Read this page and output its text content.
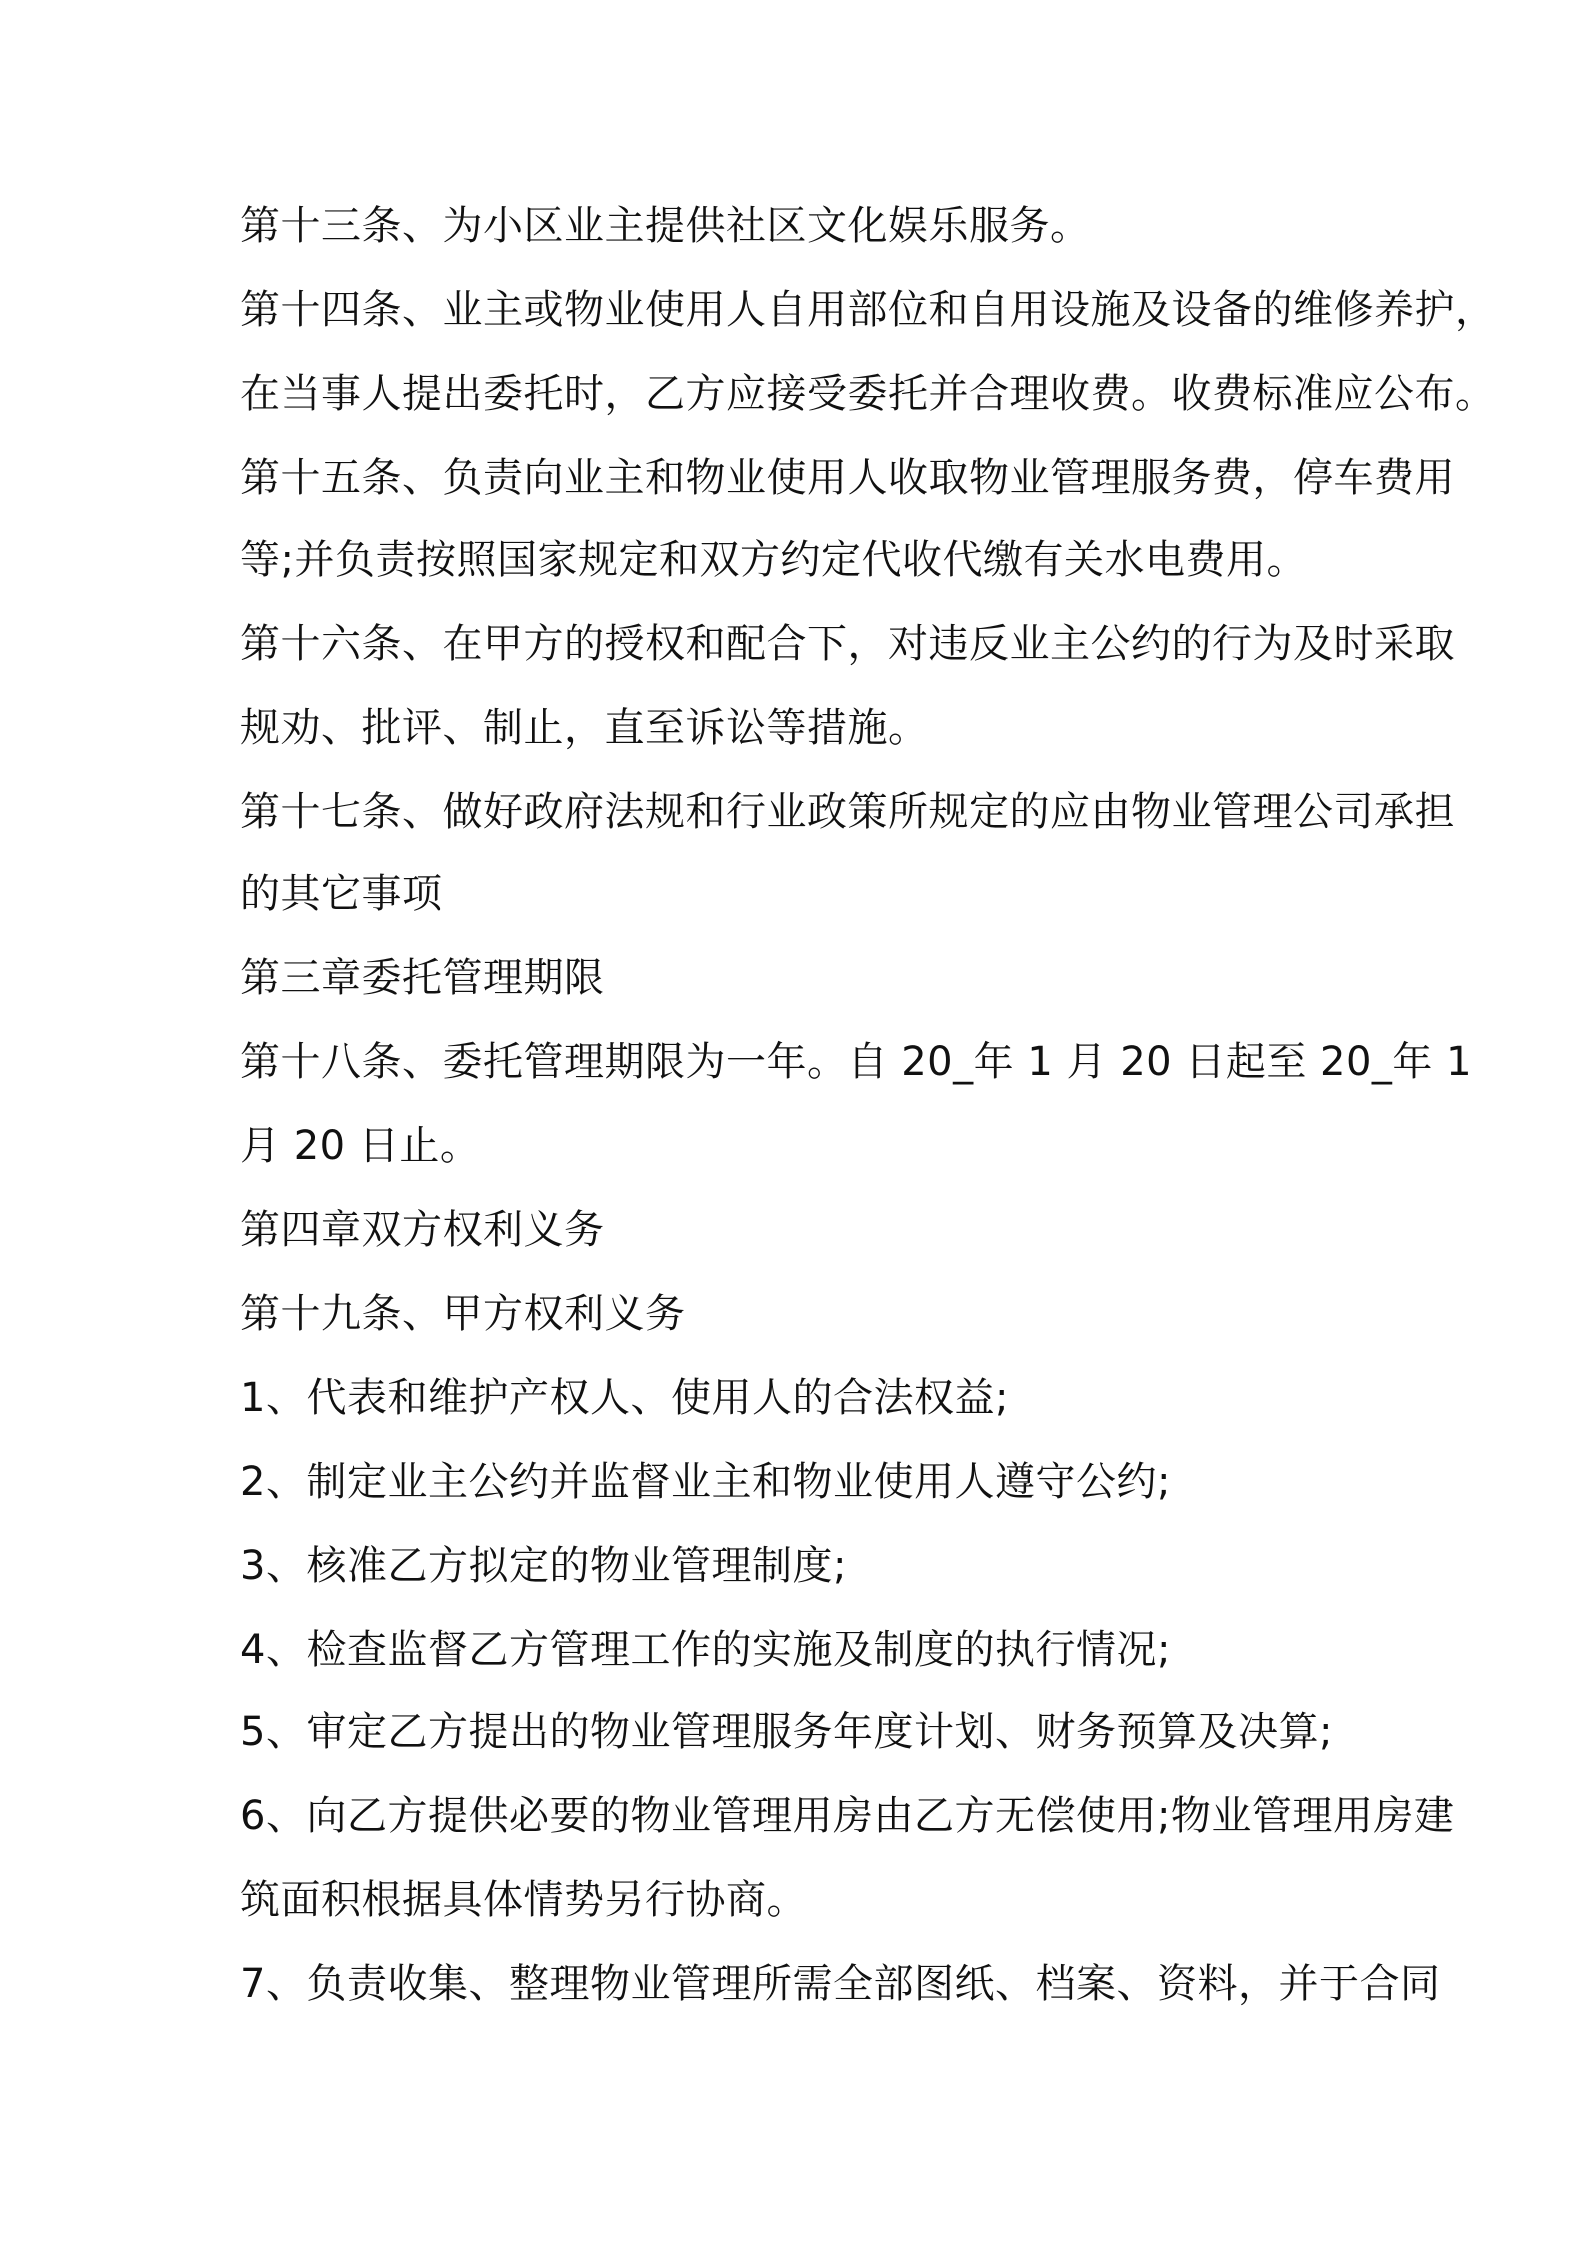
第十三条、为小区业主提供社区文化娱乐服务。

第十四条、业主或物业使用人自用部位和自用设施及设备的维修养护，

在当事人提出委托时，乙方应接受委托并合理收费。收费标准应公布。

第十五条、负责向业主和物业使用人收取物业管理服务费，停车费用

等;并负责按照国家规定和双方约定代收代缴有关水电费用。

第十六条、在甲方的授权和配合下，对违反业主公约的行为及时采取

规劝、批评、制止，直至诉讼等措施。

第十七条、做好政府法规和行业政策所规定的应由物业管理公司承担

的其它事项

第三章委托管理期限

第十八条、委托管理期限为一年。自 20_年 1 月 20 日起至 20_年 1

月 20 日止。

第四章双方权利义务

第十九条、甲方权利义务

1、代表和维护产权人、使用人的合法权益;

2、制定业主公约并监督业主和物业使用人遵守公约;

3、核准乙方拟定的物业管理制度;

4、检查监督乙方管理工作的实施及制度的执行情况;

5、审定乙方提出的物业管理服务年度计划、财务预算及决算;

6、向乙方提供必要的物业管理用房由乙方无偿使用;物业管理用房建

筑面积根据具体情势另行协商。

7、负责收集、整理物业管理所需全部图纸、档案、资料，并于合同
